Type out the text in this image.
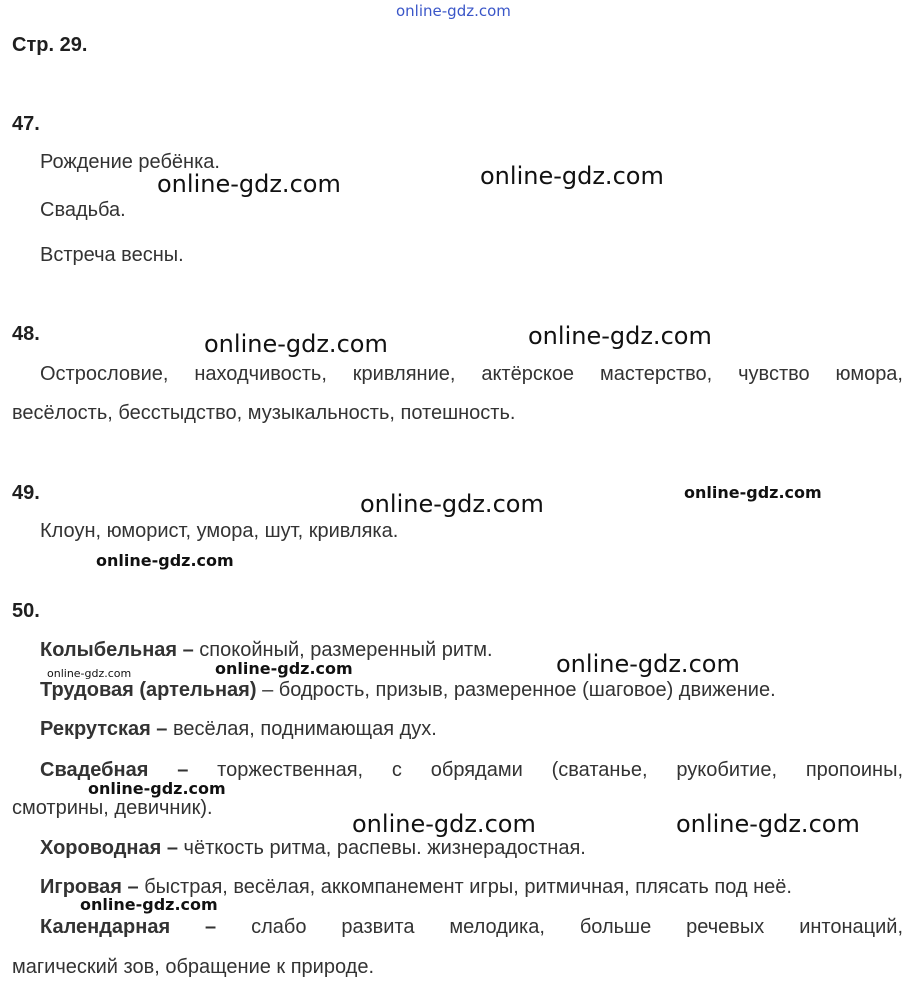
online-gdz.com
Стр. 29.
47.
Рождение ребёнка.
Свадьба.
Встреча весны.
48.
Острословие, находчивость, кривляние, актёрское мастерство, чувство юмора,
весёлость, бесстыдство, музыкальность, потешность.
49.
Клоун, юморист, умора, шут, кривляка.
50.
Колыбельная – спокойный, размеренный ритм.
Трудовая (артельная) – бодрость, призыв, размеренное (шаговое) движение.
Рекрутская – весёлая, поднимающая дух.
Свадебная – торжественная, с обрядами (сватанье, рукобитие, пропоины,
смотрины, девичник).
Хороводная – чёткость ритма, распевы. жизнерадостная.
Игровая – быстрая, весёлая, аккомпанемент игры, ритмичная, плясать под неё.
Календарная – слабо развита мелодика, больше речевых интонаций,
магический зов, обращение к природе.
online-gdz.com	online-gdz.com
online-gdz.com	online-gdz.com
online-gdz.com	online-gdz.com
online-gdz.com
online-gdz.com	online-gdz.com	online-gdz.com
online-gdz.com
online-gdz.com	online-gdz.com
online-gdz.com
